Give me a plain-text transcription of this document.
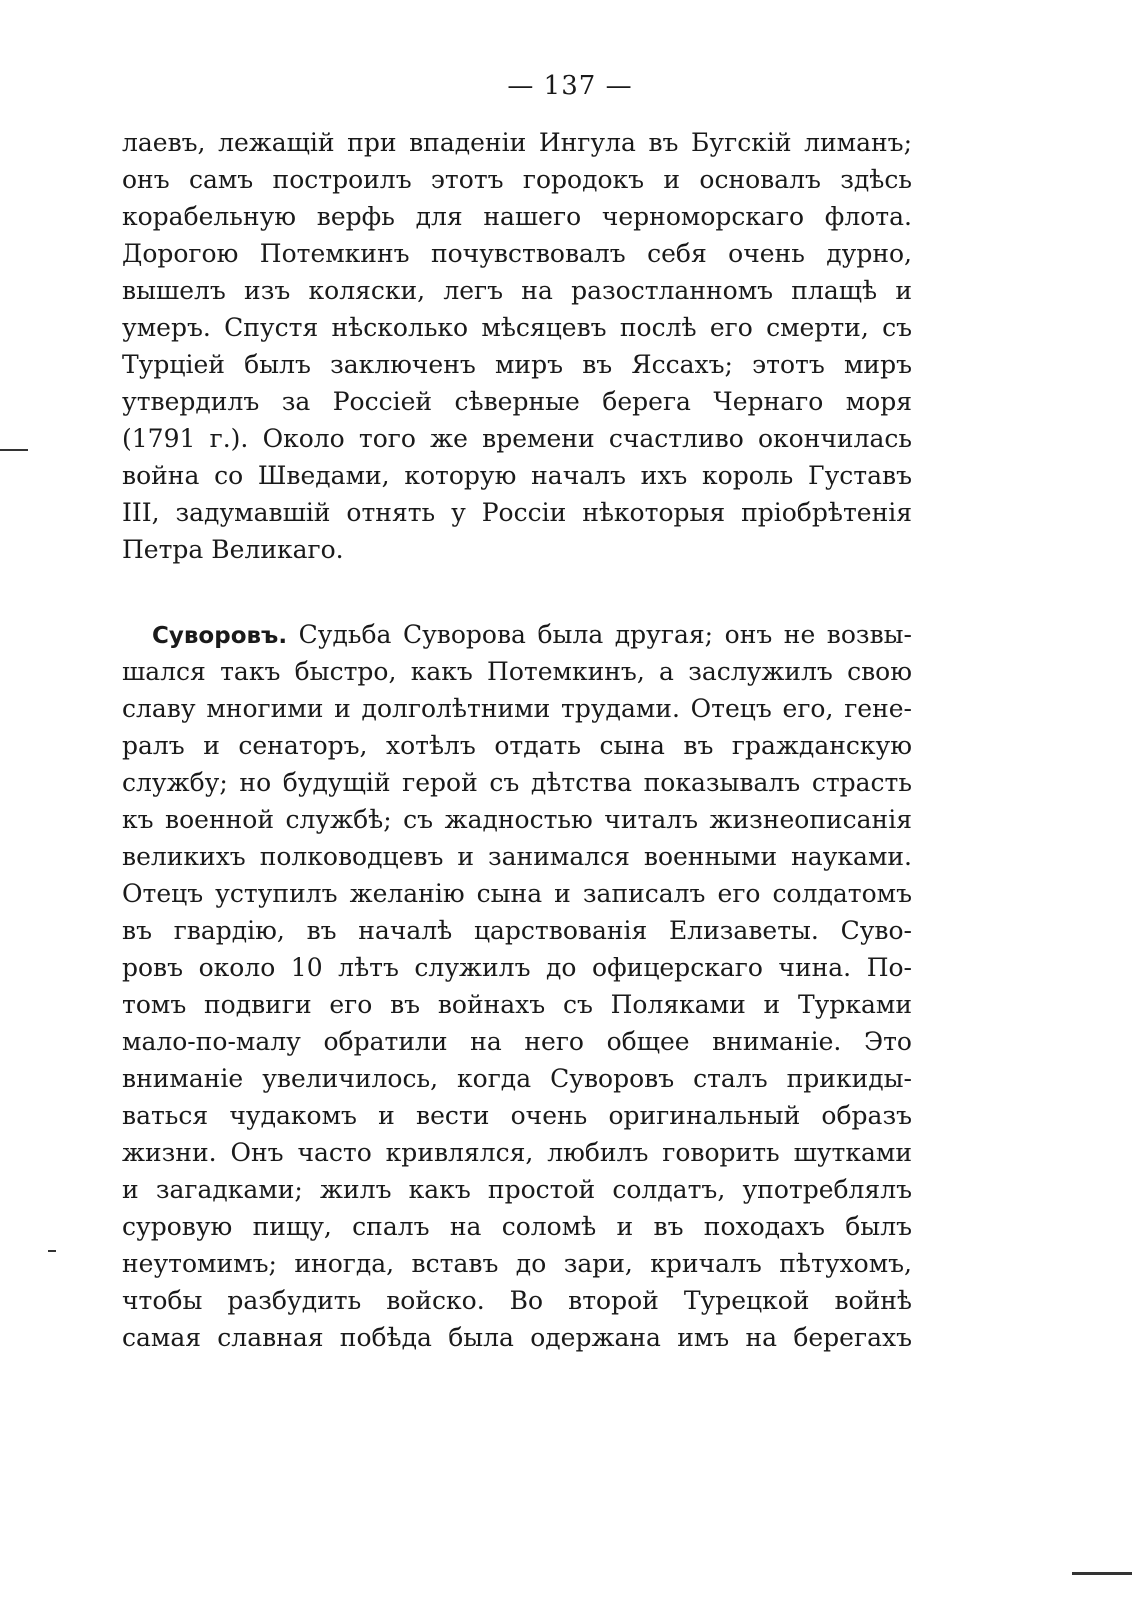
— 137 —
лаевъ, лежащій при впаденіи Ингула въ Бугскій лиманъ;
онъ самъ построилъ этотъ городокъ и основалъ здѣсь
корабельную верфь для нашего черноморскаго флота.
Дорогою Потемкинъ почувствовалъ себя очень дурно,
вышелъ изъ коляски, легъ на разостланномъ плащѣ и
умеръ. Спустя нѣсколько мѣсяцевъ послѣ его смерти, съ
Турціей былъ заключенъ миръ въ Яссахъ; этотъ миръ
утвердилъ за Россіей сѣверные берега Чернаго моря
(1791 г.). Около того же времени счастливо окончилась
война со Шведами, которую началъ ихъ король Густавъ
III, задумавшій отнять у Россіи нѣкоторыя пріобрѣтенія
Петра Великаго.
Суворовъ. Судьба Суворова была другая; онъ не возвы-
шался такъ быстро, какъ Потемкинъ, а заслужилъ свою
славу многими и долголѣтними трудами. Отецъ его, гене-
ралъ и сенаторъ, хотѣлъ отдать сына въ гражданскую
службу; но будущій герой съ дѣтства показывалъ страсть
къ военной службѣ; съ жадностью читалъ жизнеописанія
великихъ полководцевъ и занимался военными науками.
Отецъ уступилъ желанію сына и записалъ его солдатомъ
въ гвардію, въ началѣ царствованія Елизаветы. Суво-
ровъ около 10 лѣтъ служилъ до офицерскаго чина. По-
томъ подвиги его въ войнахъ съ Поляками и Турками
мало-по-малу обратили на него общее вниманіе. Это
вниманіе увеличилось, когда Суворовъ сталъ прикиды-
ваться чудакомъ и вести очень оригинальный образъ
жизни. Онъ часто кривлялся, любилъ говорить шутками
и загадками; жилъ какъ простой солдатъ, употреблялъ
суровую пищу, спалъ на соломѣ и въ походахъ былъ
неутомимъ; иногда, вставъ до зари, кричалъ пѣтухомъ,
чтобы разбудить войско. Во второй Турецкой войнѣ
самая славная побѣда была одержана имъ на берегахъ
